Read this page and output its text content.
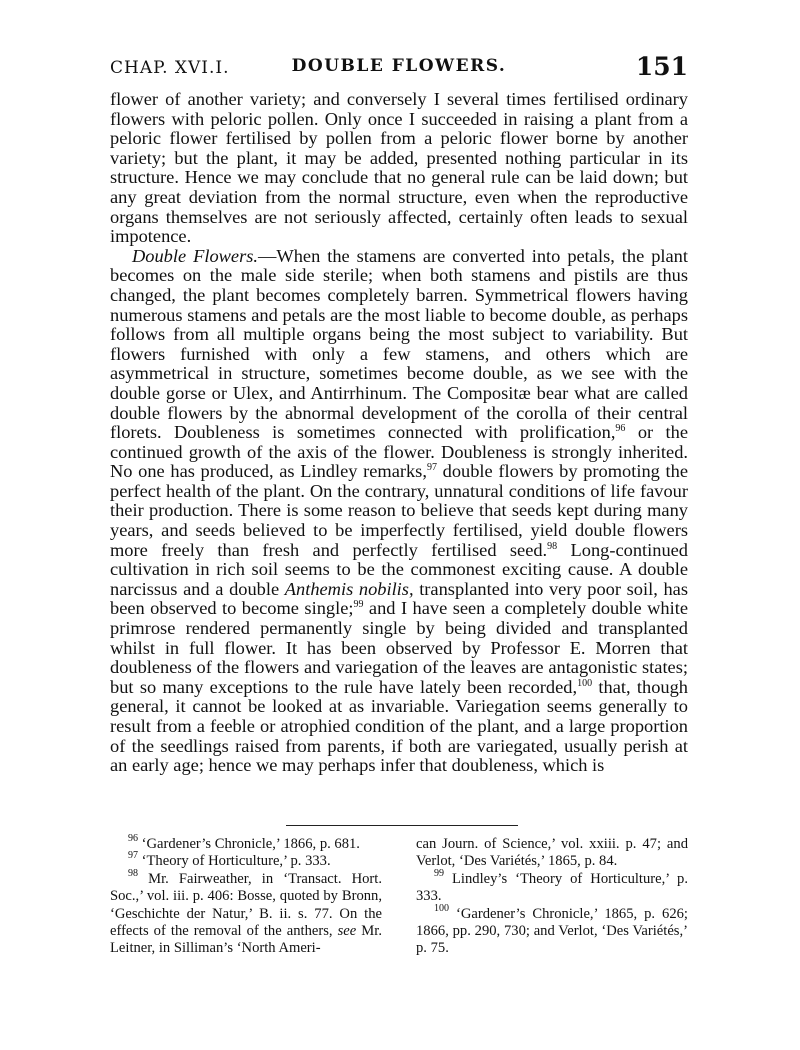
CHAP. XVI.I.	DOUBLE FLOWERS.	151

flower of another variety; and conversely I several times fertilised ordinary flowers with peloric pollen. Only once I succeeded in raising a plant from a peloric flower fertilised by pollen from a peloric flower borne by another variety; but the plant, it may be added, presented nothing particular in its structure. Hence we may conclude that no general rule can be laid down; but any great deviation from the normal structure, even when the reproductive organs themselves are not seriously affected, certainly often leads to sexual impotence.

Double Flowers.—When the stamens are converted into petals, the plant becomes on the male side sterile; when both stamens and pistils are thus changed, the plant becomes completely barren. Symmetrical flowers having numerous stamens and petals are the most liable to become double, as perhaps follows from all multiple organs being the most subject to variability. But flowers furnished with only a few stamens, and others which are asymmetrical in structure, sometimes become double, as we see with the double gorse or Ulex, and Antirrhinum. The Compositæ bear what are called double flowers by the abnormal development of the corolla of their central florets. Doubleness is sometimes connected with prolification,$^{96}$ or the continued growth of the axis of the flower. Doubleness is strongly inherited. No one has produced, as Lindley remarks,$^{97}$ double flowers by promoting the perfect health of the plant. On the contrary, unnatural conditions of life favour their production. There is some reason to believe that seeds kept during many years, and seeds believed to be imperfectly fertilised, yield double flowers more freely than fresh and perfectly fertilised seed.$^{98}$ Long-continued cultivation in rich soil seems to be the commonest exciting cause. A double narcissus and a double Anthemis nobilis, transplanted into very poor soil, has been observed to become single;$^{99}$ and I have seen a completely double white primrose rendered permanently single by being divided and transplanted whilst in full flower. It has been observed by Professor E. Morren that doubleness of the flowers and variegation of the leaves are antagonistic states; but so many exceptions to the rule have lately been recorded,$^{100}$ that, though general, it cannot be looked at as invariable. Variegation seems generally to result from a feeble or atrophied condition of the plant, and a large proportion of the seedlings raised from parents, if both are variegated, usually perish at an early age; hence we may perhaps infer that doubleness, which is

$^{96}$ ‘Gardener’s Chronicle,’ 1866, p. 681.

$^{97}$ ‘Theory of Horticulture,’ p. 333.

$^{98}$ Mr. Fairweather, in ‘Transact. Hort. Soc.,’ vol. iii. p. 406: Bosse, quoted by Bronn, ‘Geschichte der Natur,’ B. ii. s. 77. On the effects of the removal of the anthers, see Mr. Leitner, in Silliman’s ‘North Ameri-

can Journ. of Science,’ vol. xxiii. p. 47; and Verlot, ‘Des Variétés,’ 1865, p. 84.

$^{99}$ Lindley’s ‘Theory of Horticulture,’ p. 333.

$^{100}$ ‘Gardener’s Chronicle,’ 1865, p. 626; 1866, pp. 290, 730; and Verlot, ‘Des Variétés,’ p. 75.
